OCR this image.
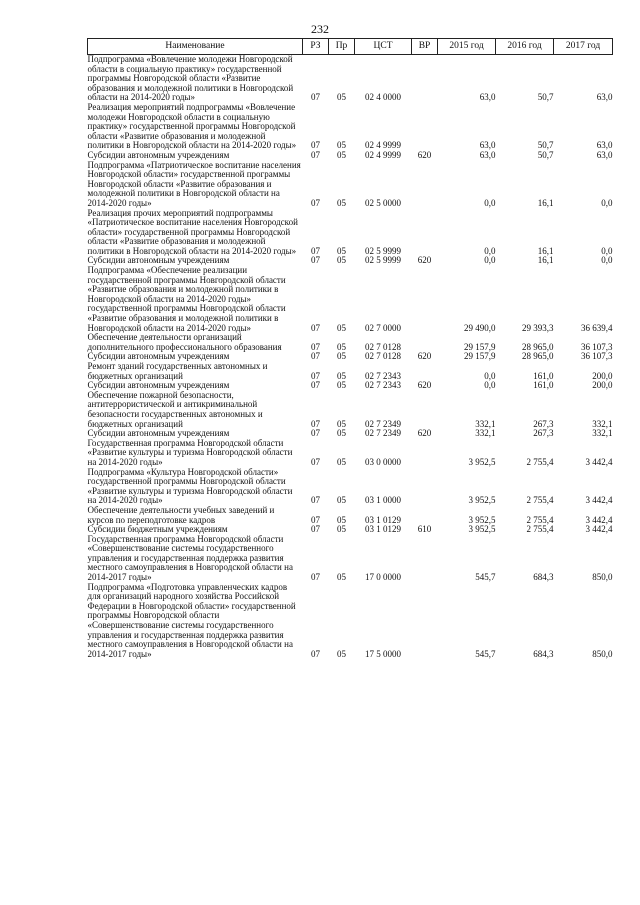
232
Наименование	РЗ	Пр	ЦСТ	ВР	2015 год	2016 год	2017 год
Подпрограмма «Вовлечение молодежи Новгородской области в социальную практику» государственной программы Новгородской области «Развитие образования и молодежной политики в Новгородской области на 2014-2020 годы»	07	05	02 4 0000		63,0	50,7	63,0
Реализация мероприятий подпрограммы «Вовлечение молодежи Новгородской области в социальную практику» государственной программы Новгородской области «Развитие образования и молодежной политики в Новгородской области на 2014-2020 годы»	07	05	02 4 9999		63,0	50,7	63,0
Субсидии автономным учреждениям	07	05	02 4 9999	620	63,0	50,7	63,0
Подпрограмма «Патриотическое воспитание населения Новгородской области» государственной программы Новгородской области «Развитие образования и молодежной политики в Новгородской области на 2014-2020 годы»	07	05	02 5 0000		0,0	16,1	0,0
Реализация прочих мероприятий подпрограммы «Патриотическое воспитание населения Новгородской области» государственной программы Новгородской области «Развитие образования и молодежной политики в Новгородской области на 2014-2020 годы»	07	05	02 5 9999		0,0	16,1	0,0
Субсидии автономным учреждениям	07	05	02 5 9999	620	0,0	16,1	0,0
Подпрограмма «Обеспечение реализации государственной программы Новгородской области «Развитие образования и молодежной политики в Новгородской области на 2014-2020 годы» государственной программы Новгородской области «Развитие образования и молодежной политики в Новгородской области на 2014-2020 годы»	07	05	02 7 0000		29 490,0	29 393,3	36 639,4
Обеспечение деятельности организаций дополнительного профессионального образования	07	05	02 7 0128		29 157,9	28 965,0	36 107,3
Субсидии автономным учреждениям	07	05	02 7 0128	620	29 157,9	28 965,0	36 107,3
Ремонт зданий государственных автономных и бюджетных организаций	07	05	02 7 2343		0,0	161,0	200,0
Субсидии автономным учреждениям	07	05	02 7 2343	620	0,0	161,0	200,0
Обеспечение пожарной безопасности, антитеррористической и антикриминальной безопасности государственных автономных и бюджетных организаций	07	05	02 7 2349		332,1	267,3	332,1
Субсидии автономным учреждениям	07	05	02 7 2349	620	332,1	267,3	332,1
Государственная программа Новгородской области «Развитие культуры и туризма Новгородской области на 2014-2020 годы»	07	05	03 0 0000		3 952,5	2 755,4	3 442,4
Подпрограмма «Культура Новгородской области» государственной программы Новгородской области «Развитие культуры и туризма Новгородской области на 2014-2020 годы»	07	05	03 1 0000		3 952,5	2 755,4	3 442,4
Обеспечение деятельности учебных заведений и курсов по переподготовке кадров	07	05	03 1 0129		3 952,5	2 755,4	3 442,4
Субсидии бюджетным учреждениям	07	05	03 1 0129	610	3 952,5	2 755,4	3 442,4
Государственная программа Новгородской области «Совершенствование системы государственного управления и государственная поддержка развития местного самоуправления в Новгородской области на 2014-2017 годы»	07	05	17 0 0000		545,7	684,3	850,0
Подпрограмма «Подготовка управленческих кадров для организаций народного хозяйства Российской Федерации в Новгородской области» государственной программы Новгородской области «Совершенствование системы государственного управления и государственная поддержка развития местного самоуправления в Новгородской области на 2014-2017 годы»	07	05	17 5 0000		545,7	684,3	850,0
